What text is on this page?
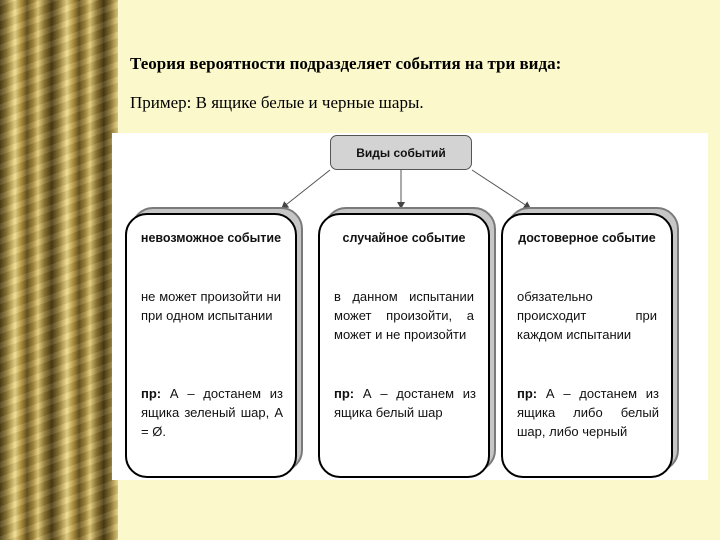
Теория вероятности подразделяет события на три вида:
Пример: В ящике белые и черные шары.
Виды событий
невозможное событие
не может произойти ни при одном испытании
пр: А – достанем из ящика зеленый шар, А = Ø.
случайное событие
в данном испытании может произойти, а может и не произойти
пр: А – достанем из ящика белый шар
достоверное событие
обязательно происходит при каждом испытании
пр: А – достанем из ящика либо белый шар, либо черный
